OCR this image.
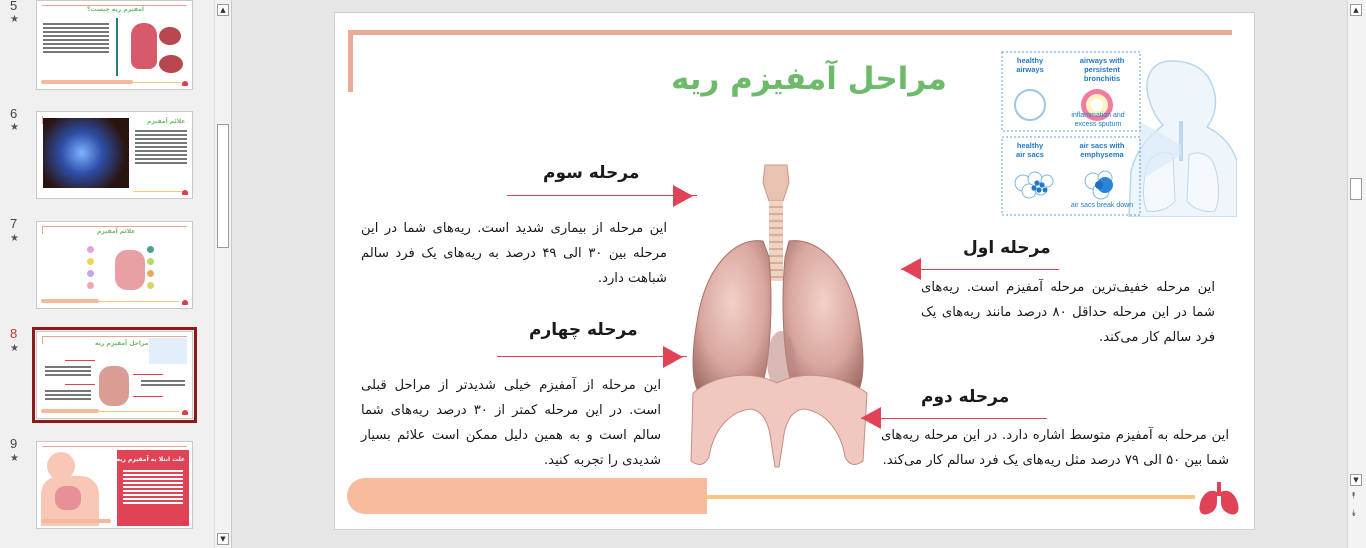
5
★
آمفیزم ریه چیست؟
6
★
علائم آمفیزم
7
★
علائم آمفیزم
8
★	مراحل آمفیزم ریه
9
★	علت ابتلا به آمفیزم ریه
▲
▼
مراحل آمفیزم ریه
healthy airways
airways with persistent bronchitis
inflammation and excess sputum
healthy air sacs
air sacs with emphysema
air sacs break down
مرحله سوم
این مرحله از بیماری شدید است. ریه‌های شما در این مرحله بین ۳۰ الی ۴۹ درصد به ریه‌های یک فرد سالم شباهت دارد.
مرحله چهارم
این مرحله از آمفیزم خیلی شدیدتر از مراحل قبلی است. در این مرحله کمتر از ۳۰ درصد ریه‌های شما سالم است و به همین دلیل ممکن است علائم بسیار شدیدی را تجربه کنید.
مرحله اول
این مرحله خفیف‌ترین مرحله آمفیزم است. ریه‌های شما در این مرحله حداقل ۸۰ درصد مانند ریه‌های یک فرد سالم کار می‌کند.
مرحله دوم
این مرحله به آمفیزم متوسط اشاره دارد. در این مرحله ریه‌های شما بین ۵۰ الی ۷۹ درصد مثل ریه‌های یک فرد سالم کار می‌کند.
▲
▼
⯭
⯯
